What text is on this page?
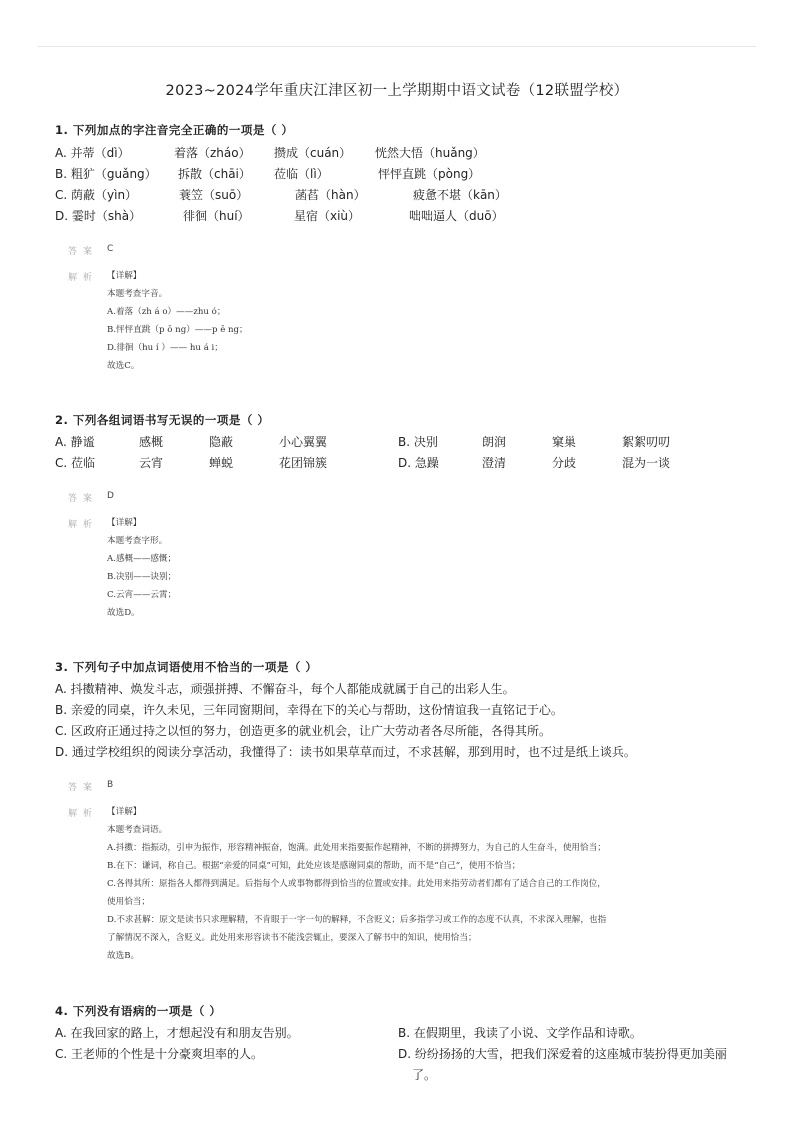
2023~2024学年重庆江津区初一上学期期中语文试卷（12联盟学校）
1. 下列加点的字注音完全正确的一项是（ ）
A. 并蒂（dì）	着落（zháo） 攒成（cuán） 恍然大悟（huǎng）
B. 粗犷（guǎng） 拆散（chāi） 莅临（lì）	怦怦直跳（pòng）
C. 荫蔽（yìn）	蓑笠（suō）	菡萏（hàn）	疲惫不堪（kān）
D. 霎时（shà）	徘徊（huí）	星宿（xiù）	咄咄逼人（duō）
答案 C
解析 【详解】
本题考查字音。
A.着落（zh á o）——zhu ó；
B.怦怦直跳（p ō ng）——p ē ng；
D.徘徊（hu í ）—— hu á i；
故选C。
2. 下列各组词语书写无误的一项是（ ）
A. 静谧	感概	隐蔽	小心翼翼	B. 决别	朗润	窠巢	絮絮叨叨
C. 莅临	云宵	蝉蜕	花团锦簇	D. 急躁	澄清	分歧	混为一谈
答案 D
解析 【详解】
本题考查字形。
A.感概——感慨；
B.决别——诀别；
C.云宵——云霄；
故选D。
3. 下列句子中加点词语使用不恰当的一项是（ ）
A. 抖擞精神、焕发斗志，顽强拼搏、不懈奋斗，每个人都能成就属于自己的出彩人生。
B. 亲爱的同桌，许久未见，三年同窗期间，幸得在下的关心与帮助，这份情谊我一直铭记于心。
C. 区政府正通过持之以恒的努力，创造更多的就业机会，让广大劳动者各尽所能，各得其所。
D. 通过学校组织的阅读分享活动，我懂得了：读书如果草草而过，不求甚解，那到用时，也不过是纸上谈兵。
答案 B
解析 【详解】
本题考查词语。
A.抖擞：指振动，引申为振作，形容精神振奋，饱满。此处用来指要振作起精神，不断的拼搏努力，为自己的人生奋斗，使用恰当；
B.在下：谦词，称自己。根据“亲爱的同桌”可知，此处应该是感谢同桌的帮助，而不是“自己”，使用不恰当；
C.各得其所：原指各人都得到满足。后指每个人或事物都得到恰当的位置或安排。此处用来指劳动者们都有了适合自己的工作岗位，
使用恰当；
D.不求甚解：原文是读书只求理解精，不肯眼于一字一句的解释，不含贬义；后多指学习或工作的态度不认真，不求深入理解，也指
了解情况不深入，含贬义。此处用来形容读书不能浅尝辄止，要深入了解书中的知识，使用恰当；
故选B。
4. 下列没有语病的一项是（ ）
A. 在我回家的路上，才想起没有和朋友告别。	B. 在假期里，我读了小说、文学作品和诗歌。
C. 王老师的个性是十分豪爽坦率的人。	D. 纷纷扬扬的大雪，把我们深爱着的这座城市装扮得更加美丽
了。
